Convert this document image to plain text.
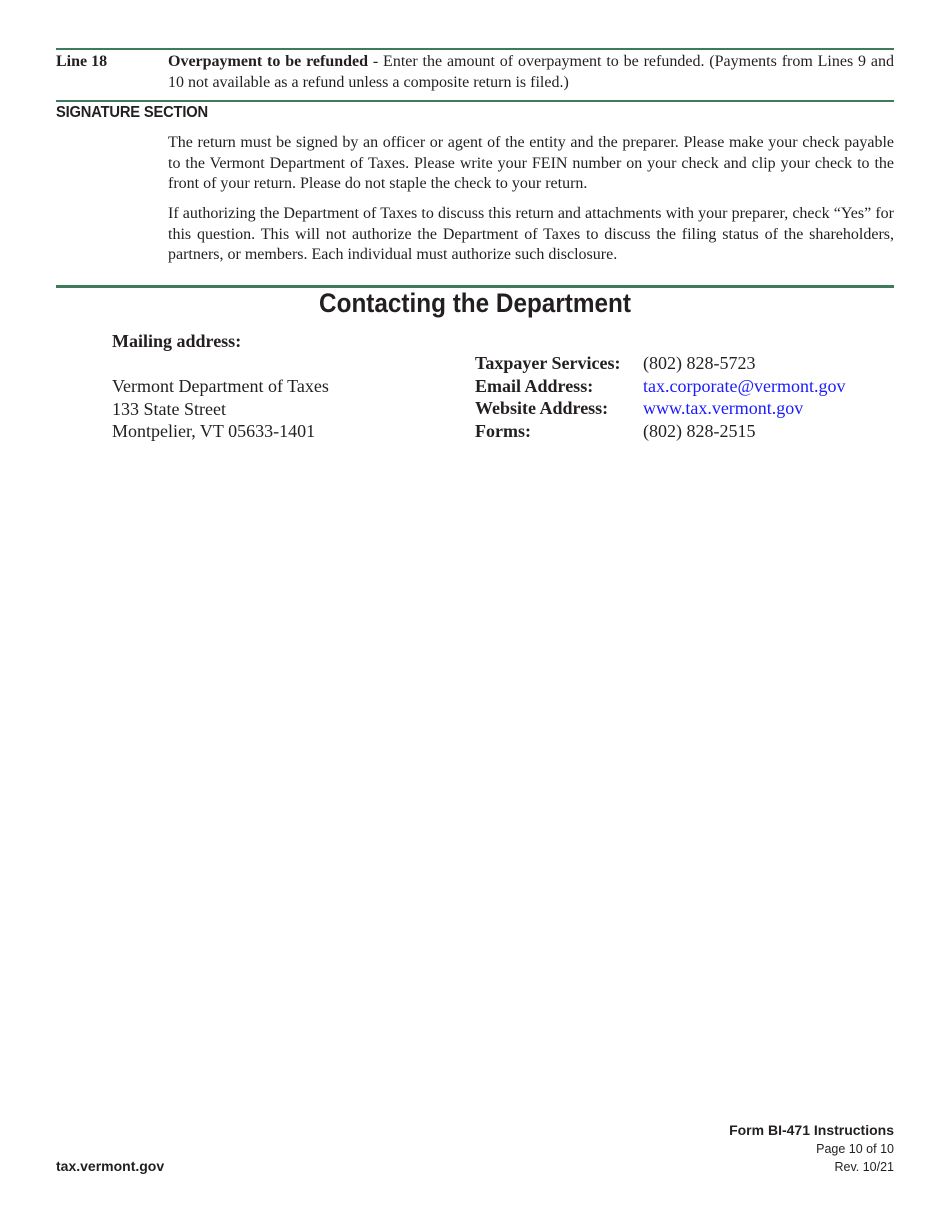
Line 18	Overpayment to be refunded - Enter the amount of overpayment to be refunded. (Payments from Lines 9 and 10 not available as a refund unless a composite return is filed.)
SIGNATURE SECTION

The return must be signed by an officer or agent of the entity and the preparer. Please make your check payable to the Vermont Department of Taxes. Please write your FEIN number on your check and clip your check to the front of your return. Please do not staple the check to your return.

If authorizing the Department of Taxes to discuss this return and attachments with your preparer, check “Yes” for this question. This will not authorize the Department of Taxes to discuss the filing status of the shareholders, partners, or members. Each individual must authorize such disclosure.

Contacting the Department
Mailing address:
Vermont Department of Taxes
133 State Street
Montpelier, VT 05633-1401
Taxpayer Services:	(802) 828-5723
Email Address:	tax.corporate@vermont.gov
Website Address:	www.tax.vermont.gov
Forms:	(802) 828-2515
tax.vermont.gov
Form BI-471 Instructions
Page 10 of 10
Rev. 10/21
